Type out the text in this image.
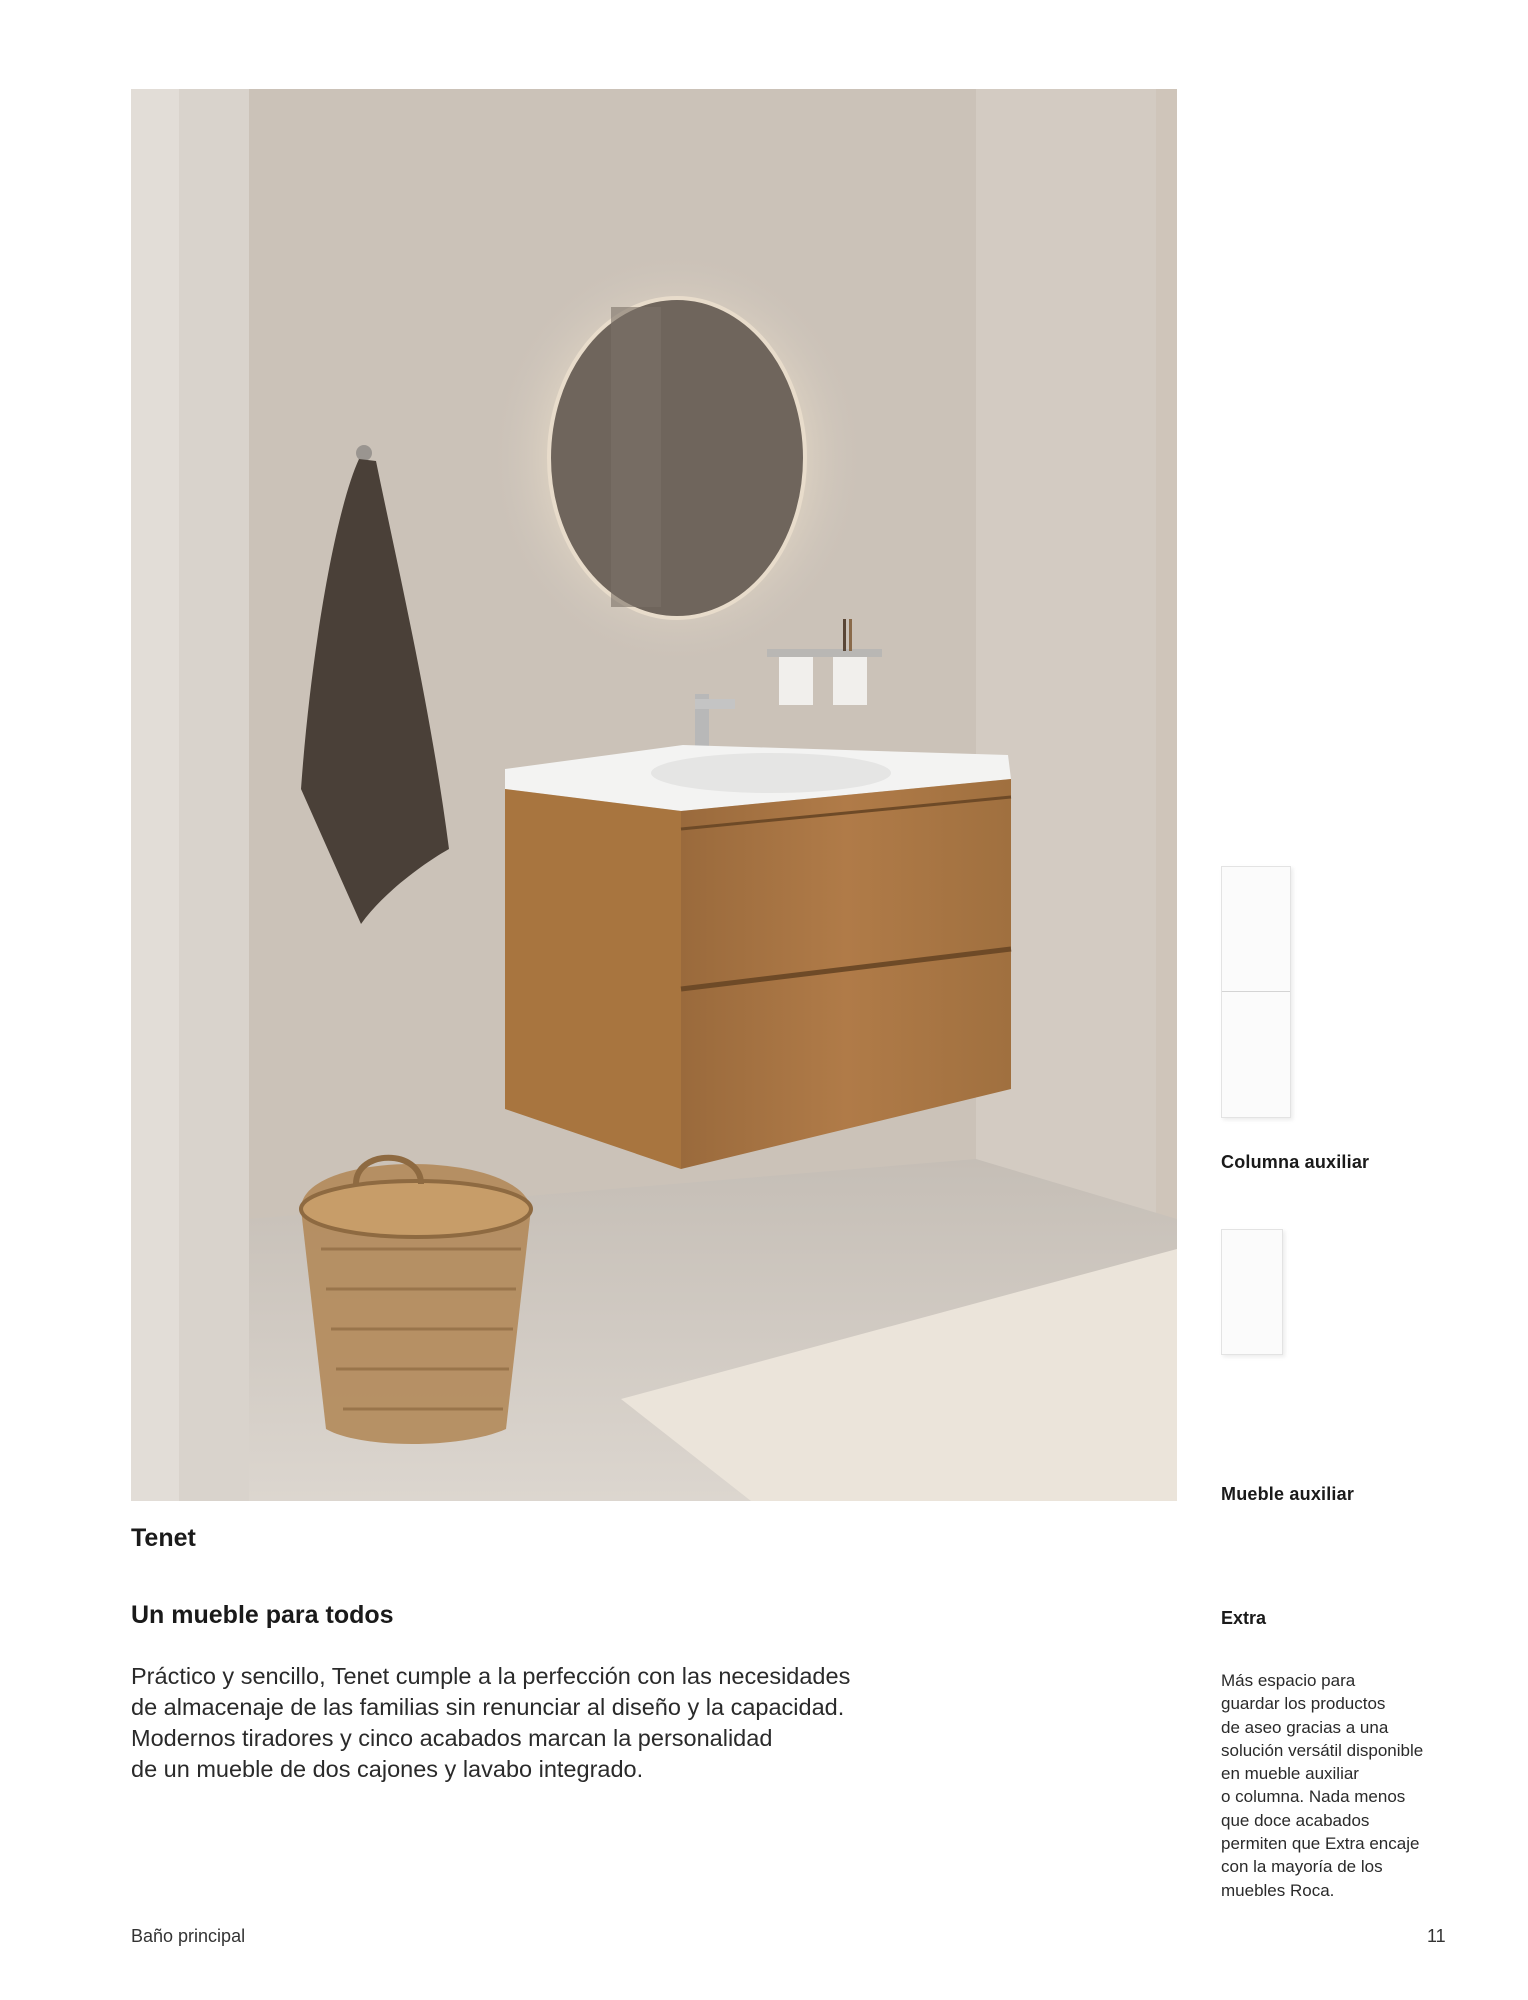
Columna auxiliar
Mueble auxiliar
Tenet
Un mueble para todos

Práctico y sencillo, Tenet cumple a la perfección con las necesidades

de almacenaje de las familias sin renunciar al diseño y la capacidad.

Modernos tiradores y cinco acabados marcan la personalidad

de un mueble de dos cajones y lavabo integrado.

Extra

Más espacio para

guardar los productos

de aseo gracias a una

solución versátil disponible

en mueble auxiliar

o columna. Nada menos

que doce acabados

permiten que Extra encaje

con la mayoría de los

muebles Roca.

Baño principal	11
